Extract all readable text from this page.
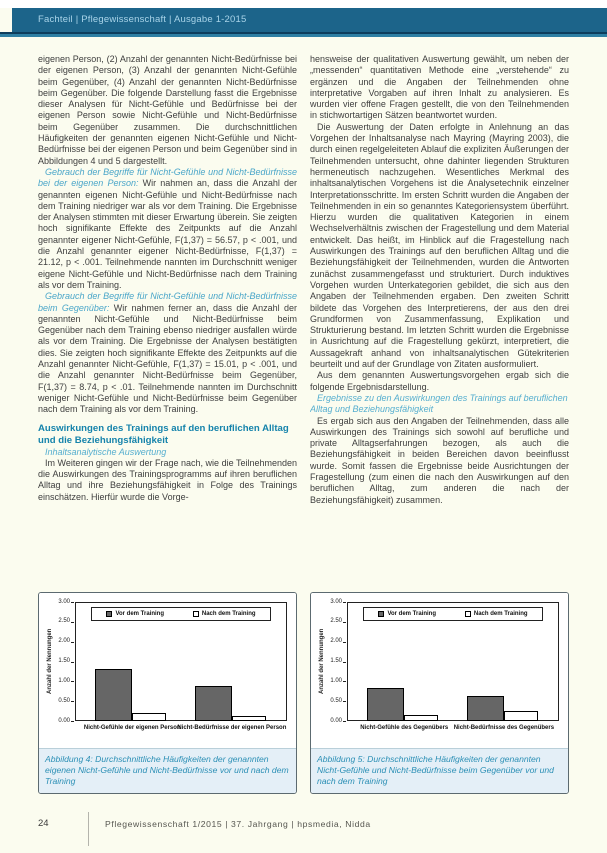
Fachteil | Pflegewissenschaft | Ausgabe 1-2015

eigenen Person, (2) Anzahl der genannten Nicht-Bedürfnisse bei der eigenen Person, (3) Anzahl der genannten Nicht-Gefühle beim Gegenüber, (4) Anzahl der genannten Nicht-Bedürfnisse beim Gegenüber. Die folgende Darstellung fasst die Ergebnisse dieser Analysen für Nicht-Gefühle und Bedürfnisse bei der eigenen Person sowie Nicht-Gefühle und Nicht-Bedürfnisse beim Gegenüber zusammen. Die durchschnittlichen Häufigkeiten der genannten eigenen Nicht-Gefühle und Nicht-Bedürfnisse bei der eigenen Person und beim Gegenüber sind in Abbildungen 4 und 5 dargestellt.

Gebrauch der Begriffe für Nicht-Gefühle und Nicht-Bedürfnisse bei der eigenen Person: Wir nahmen an, dass die Anzahl der genannten eigenen Nicht-Gefühle und Nicht-Bedürfnisse nach dem Training niedriger war als vor dem Training. Die Ergebnisse der Analysen stimmten mit dieser Erwartung überein. Sie zeigten hoch signifikante Effekte des Zeitpunkts auf die Anzahl genannter eigener Nicht-Gefühle, F(1,37) = 56.57, p < .001, und die Anzahl genannter eigener Nicht-Bedürfnisse, F(1,37) = 21.12, p < .001. Teilnehmende nannten im Durchschnitt weniger eigene Nicht-Gefühle und Nicht-Bedürfnisse nach dem Training als vor dem Training.

Gebrauch der Begriffe für Nicht-Gefühle und Nicht-Bedürfnisse beim Gegenüber: Wir nahmen ferner an, dass die Anzahl der genannten Nicht-Gefühle und Nicht-Bedürfnisse beim Gegenüber nach dem Training ebenso niedriger ausfallen würde als vor dem Training. Die Ergebnisse der Analysen bestätigten dies. Sie zeigten hoch signifikante Effekte des Zeitpunkts auf die Anzahl genannter Nicht-Gefühle, F(1,37) = 15.01, p < .001, und die Anzahl genannter Nicht-Bedürfnisse beim Gegenüber, F(1,37) = 8.74, p < .01. Teilnehmende nannten im Durchschnitt weniger Nicht-Gefühle und Nicht-Bedürfnisse beim Gegenüber nach dem Training als vor dem Training.

Auswirkungen des Trainings auf den beruflichen Alltag und die Beziehungsfähigkeit
Inhaltsanalytische Auswertung

Im Weiteren gingen wir der Frage nach, wie die Teilnehmenden die Auswirkungen des Trainingsprogramms auf ihren beruflichen Alltag und ihre Beziehungsfähigkeit in Folge des Trainings einschätzen. Hierfür wurde die Vorge-

hensweise der qualitativen Auswertung gewählt, um neben der „messenden“ quantitativen Methode eine „verstehende“ zu ergänzen und die Angaben der Teilnehmenden ohne interpretative Vorgaben auf ihren Inhalt zu analysieren. Es wurden vier offene Fragen gestellt, die von den Teilnehmenden in stichwortartigen Sätzen beantwortet wurden.

Die Auswertung der Daten erfolgte in Anlehnung an das Vorgehen der Inhaltsanalyse nach Mayring (Mayring 2003), die durch einen regelgeleiteten Ablauf die expliziten Äußerungen der Teilnehmenden untersucht, ohne dahinter liegenden Strukturen hermeneutisch nachzugehen. Wesentliches Merkmal des inhaltsanalytischen Vorgehens ist die Analysetechnik einzelner Interpretationsschritte. Im ersten Schritt wurden die Angaben der Teilnehmenden in ein so genanntes Kategoriensystem überführt. Hierzu wurden die qualitativen Kategorien in einem Wechselverhältnis zwischen der Fragestellung und dem Material entwickelt. Das heißt, im Hinblick auf die Fragestellung nach Auswirkungen des Trainings auf den beruflichen Alltag und die Beziehungsfähigkeit der Teilnehmenden, wurden die Antworten zunächst zusammengefasst und strukturiert. Durch induktives Vorgehen wurden Unterkategorien gebildet, die sich aus den Angaben der Teilnehmenden ergaben. Den zweiten Schritt bildete das Vorgehen des Interpretierens, der aus den drei Grundformen von Zusammenfassung, Explikation und Strukturierung bestand. Im letzten Schritt wurden die Ergebnisse in Ausrichtung auf die Fragestellung gekürzt, interpretiert, die Aussagekraft anhand von inhaltsanalytischen Gütekriterien beurteilt und auf der Grundlage von Zitaten ausformuliert.

Aus dem genannten Auswertungsvorgehen ergab sich die folgende Ergebnisdarstellung.

Ergebnisse zu den Auswirkungen des Trainings auf beruflichen Alltag und Beziehungsfähigkeit

Es ergab sich aus den Angaben der Teilnehmenden, dass alle Auswirkungen des Trainings sich sowohl auf berufliche und private Alltagserfahrungen bezogen, als auch die Beziehungsfähigkeit in beiden Bereichen davon beeinflusst wurde. Somit fassen die Ergebnisse beide Ausrichtungen der Fragestellung (zum einen die nach den Auswirkungen auf den beruflichen Alltag, zum anderen die nach der Beziehungsfähigkeit) zusammen.

Anzahl der Nennungen
3.00
2.50
2.00
1.50
1.00
0.50
0.00
Vor dem Training	Nach dem Training
Nicht-Gefühle der eigenen Person
Nicht-Bedürfnisse der eigenen Person
Abbildung 4: Durchschnittliche Häufigkeiten der genannten eigenen Nicht-Gefühle und Nicht-Bedürfnisse vor und nach dem Training
Anzahl der Nennungen
3.00
2.50
2.00
1.50
1.00
0.50
0.00
Vor dem Training	Nach dem Training
Nicht-Gefühle des Gegenübers Nicht-Bedürfnisse des Gegenübers
Abbildung 5: Durchschnittliche Häufigkeiten der genannten Nicht-Gefühle und Nicht-Bedürfnisse beim Gegenüber vor und nach dem Training
24	Pflegewissenschaft 1/2015 | 37. Jahrgang | hpsmedia, Nidda
